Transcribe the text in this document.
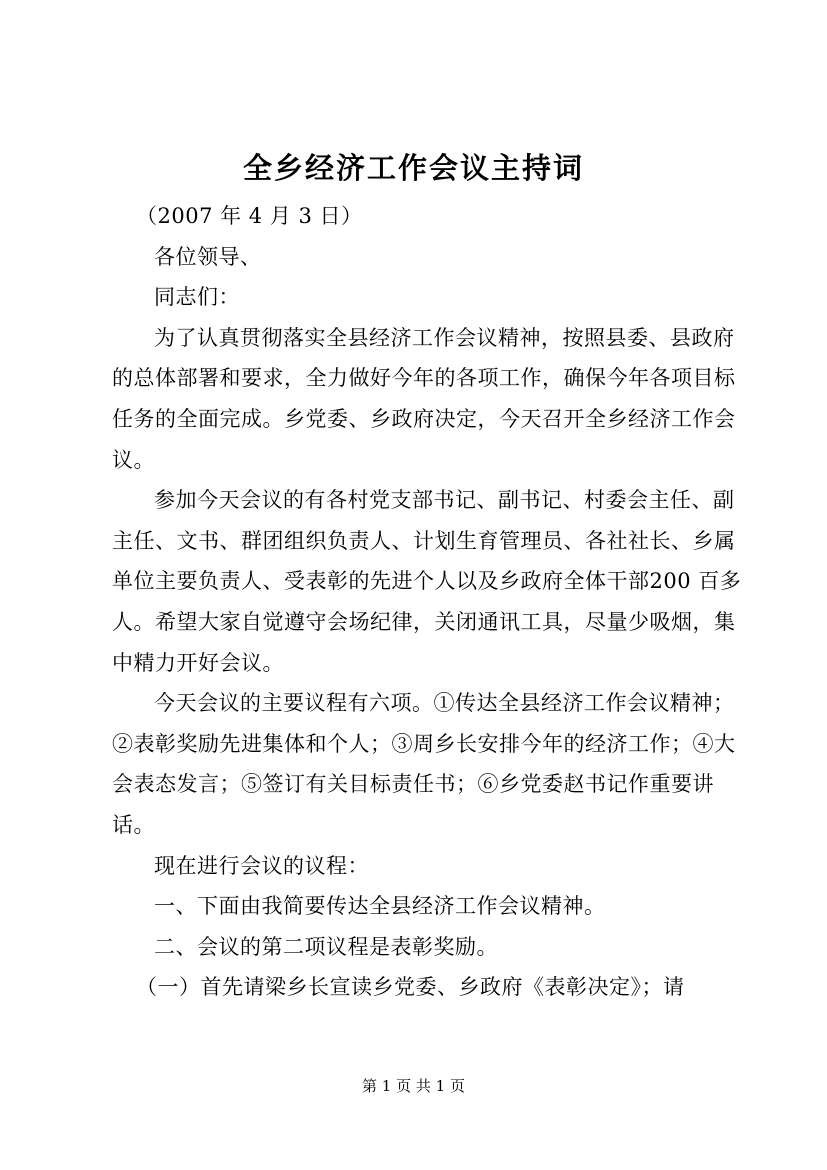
全乡经济工作会议主持词

（2007 年 4 月 3 日）

各位领导、

同志们：

为了认真贯彻落实全县经济工作会议精神，按照县委、县政府的总体部署和要求，全力做好今年的各项工作，确保今年各项目标任务的全面完成。乡党委、乡政府决定，今天召开全乡经济工作会议。

参加今天会议的有各村党支部书记、副书记、村委会主任、副主任、文书、群团组织负责人、计划生育管理员、各社社长、乡属单位主要负责人、受表彰的先进个人以及乡政府全体干部200 百多人。希望大家自觉遵守会场纪律，关闭通讯工具，尽量少吸烟，集中精力开好会议。

今天会议的主要议程有六项。①传达全县经济工作会议精神；②表彰奖励先进集体和个人；③周乡长安排今年的经济工作；④大会表态发言；⑤签订有关目标责任书；⑥乡党委赵书记作重要讲话。

现在进行会议的议程：

一、下面由我简要传达全县经济工作会议精神。

二、会议的第二项议程是表彰奖励。

（一）首先请梁乡长宣读乡党委、乡政府《表彰决定》；请

第 1 页 共 1 页
